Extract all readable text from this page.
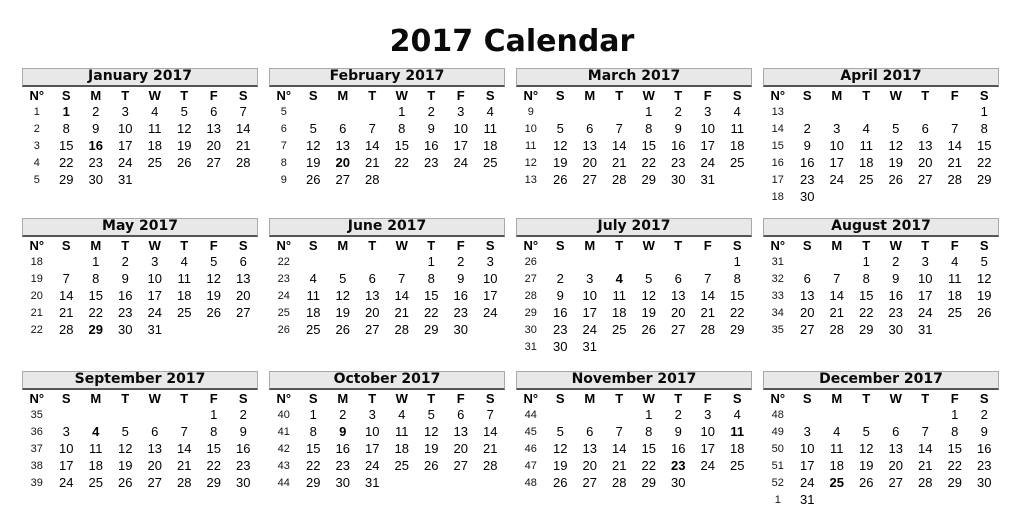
2017 Calendar
January 2017
N°	S	M	T	W	T	F	S
1	1	2	3	4	5	6	7
2	8	9	10	11	12	13	14
3	15	16	17	18	19	20	21
4	22	23	24	25	26	27	28
5	29	30	31				
February 2017
N°	S	M	T	W	T	F	S
5				1	2	3	4
6	5	6	7	8	9	10	11
7	12	13	14	15	16	17	18
8	19	20	21	22	23	24	25
9	26	27	28				
March 2017
N°	S	M	T	W	T	F	S
9				1	2	3	4
10	5	6	7	8	9	10	11
11	12	13	14	15	16	17	18
12	19	20	21	22	23	24	25
13	26	27	28	29	30	31	
April 2017
N°	S	M	T	W	T	F	S
13							1
14	2	3	4	5	6	7	8
15	9	10	11	12	13	14	15
16	16	17	18	19	20	21	22
17	23	24	25	26	27	28	29
18	30						
May 2017
N°	S	M	T	W	T	F	S
18		1	2	3	4	5	6
19	7	8	9	10	11	12	13
20	14	15	16	17	18	19	20
21	21	22	23	24	25	26	27
22	28	29	30	31			
June 2017
N°	S	M	T	W	T	F	S
22					1	2	3
23	4	5	6	7	8	9	10
24	11	12	13	14	15	16	17
25	18	19	20	21	22	23	24
26	25	26	27	28	29	30	
July 2017
N°	S	M	T	W	T	F	S
26							1
27	2	3	4	5	6	7	8
28	9	10	11	12	13	14	15
29	16	17	18	19	20	21	22
30	23	24	25	26	27	28	29
31	30	31					
August 2017
N°	S	M	T	W	T	F	S
31			1	2	3	4	5
32	6	7	8	9	10	11	12
33	13	14	15	16	17	18	19
34	20	21	22	23	24	25	26
35	27	28	29	30	31		
September 2017
N°	S	M	T	W	T	F	S
35						1	2
36	3	4	5	6	7	8	9
37	10	11	12	13	14	15	16
38	17	18	19	20	21	22	23
39	24	25	26	27	28	29	30
October 2017
N°	S	M	T	W	T	F	S
40	1	2	3	4	5	6	7
41	8	9	10	11	12	13	14
42	15	16	17	18	19	20	21
43	22	23	24	25	26	27	28
44	29	30	31				
November 2017
N°	S	M	T	W	T	F	S
44				1	2	3	4
45	5	6	7	8	9	10	11
46	12	13	14	15	16	17	18
47	19	20	21	22	23	24	25
48	26	27	28	29	30		
December 2017
N°	S	M	T	W	T	F	S
48						1	2
49	3	4	5	6	7	8	9
50	10	11	12	13	14	15	16
51	17	18	19	20	21	22	23
52	24	25	26	27	28	29	30
1	31						
